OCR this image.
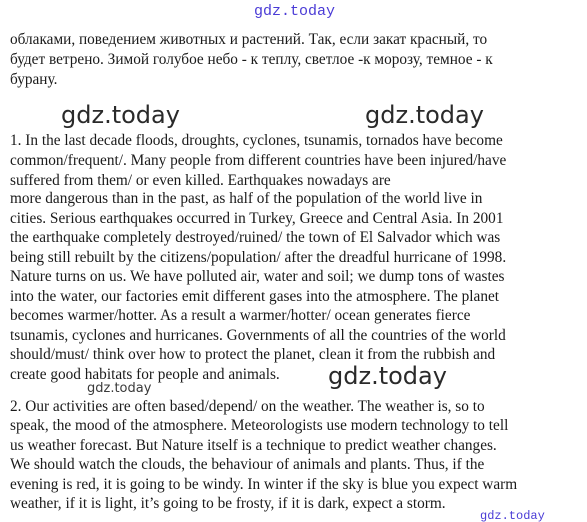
gdz.today
облаками, поведением животных и растений. Так, если закат красный, то
будет ветрено. Зимой голубое небо - к теплу, светлое -к морозу, темное - к
бурану.
gdz.today	gdz.today
1. In the last decade floods, droughts, cyclones, tsunamis, tornados have become
common/frequent/. Many people from different countries have been injured/have
suffered from them/ or even killed. Earthquakes nowadays are
more dangerous than in the past, as half of the population of the world live in
cities. Serious earthquakes occurred in Turkey, Greece and Central Asia. In 2001
the earthquake completely destroyed/ruined/ the town of El Salvador which was
being still rebuilt by the citizens/population/ after the dreadful hurricane of 1998.
Nature turns on us. We have polluted air, water and soil; we dump tons of wastes
into the water, our factories emit different gases into the atmosphere. The planet
becomes warmer/hotter. As a result a warmer/hotter/ ocean generates fierce
tsunamis, cyclones and hurricanes. Governments of all the countries of the world
should/must/ think over how to protect the planet, clean it from the rubbish and
create good habitats for people and animals. gdz.today
gdz.today
2. Our activities are often based/depend/ on the weather. The weather is, so to
speak, the mood of the atmosphere. Meteorologists use modern technology to tell
us weather forecast. But Nature itself is a technique to predict weather changes.
We should watch the clouds, the behaviour of animals and plants. Thus, if the
evening is red, it is going to be windy. In winter if the sky is blue you expect warm
weather, if it is light, it’s going to be frosty, if it is dark, expect a storm.
gdz.today
